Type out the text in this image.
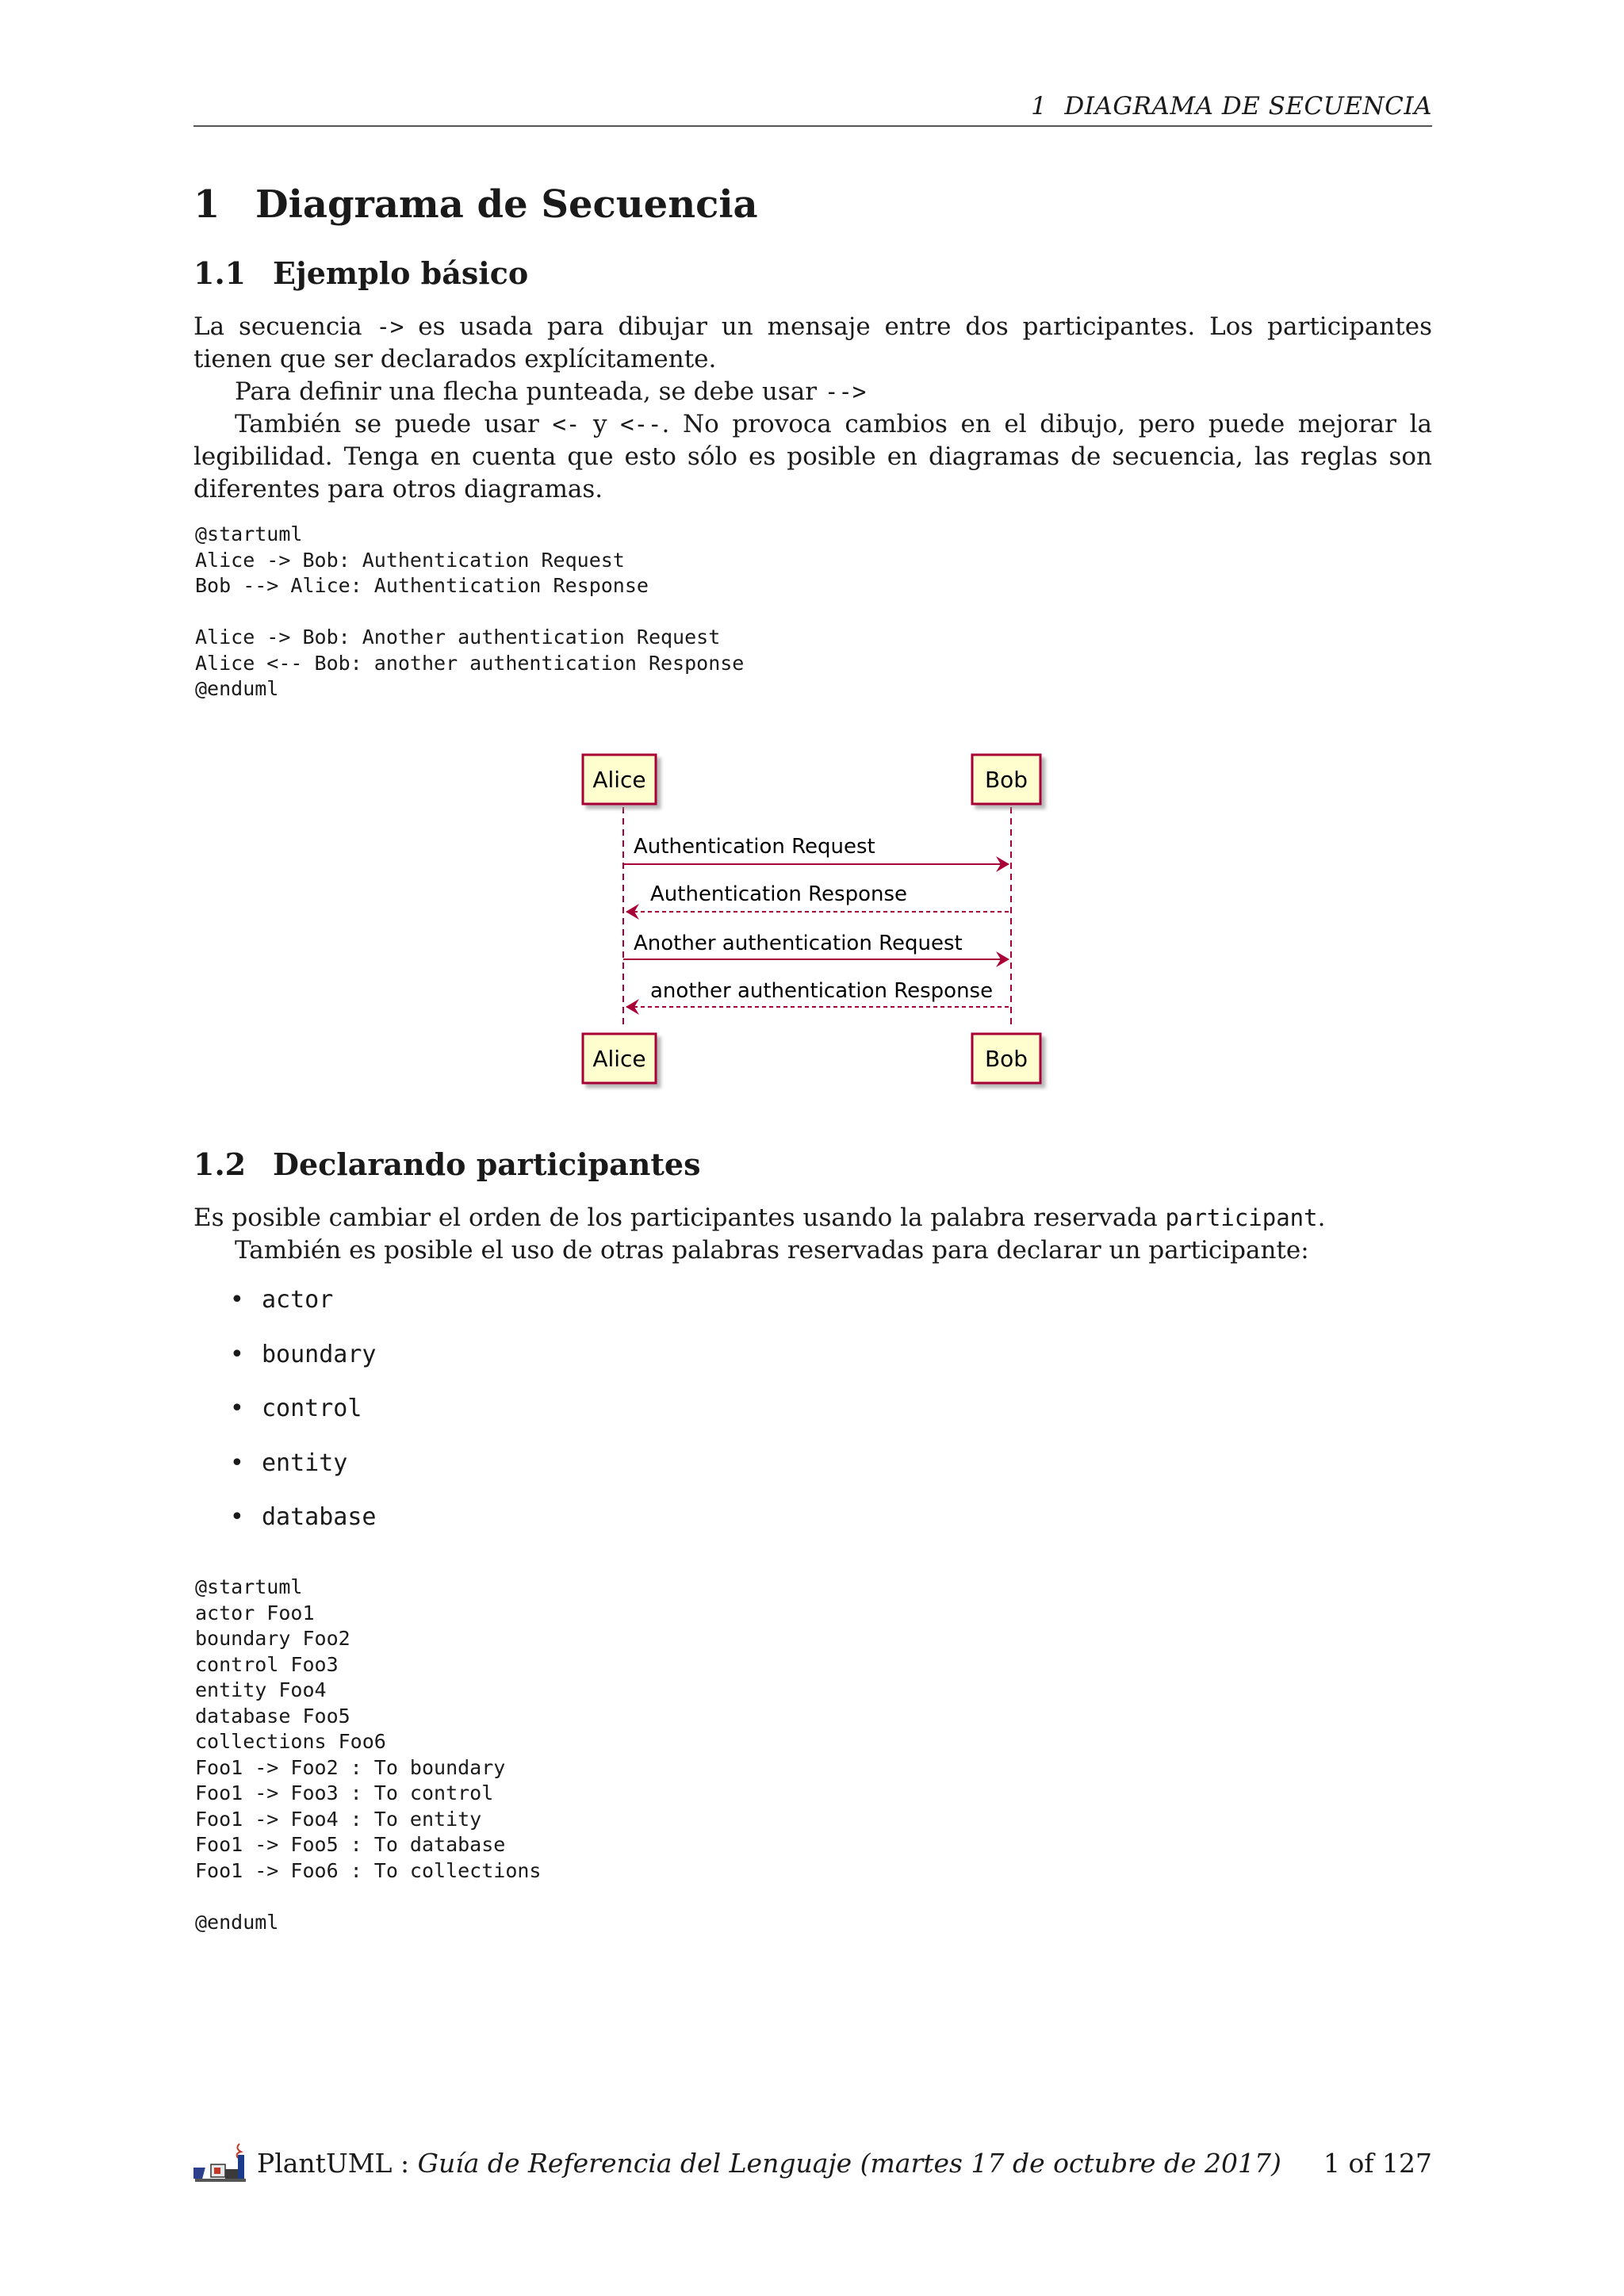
1 DIAGRAMA DE SECUENCIA
1 Diagrama de Secuencia
1.1 Ejemplo básico

La secuencia -> es usada para dibujar un mensaje entre dos participantes. Los participantes tienen que ser declarados explícitamente.

Para definir una flecha punteada, se debe usar -->

También se puede usar <- y <--. No provoca cambios en el dibujo, pero puede mejorar la legibilidad. Tenga en cuenta que esto sólo es posible en diagramas de secuencia, las reglas son diferentes para otros diagramas.

@startuml
Alice -> Bob: Authentication Request
Bob --> Alice: Authentication Response

Alice -> Bob: Another authentication Request
Alice <-- Bob: another authentication Response
@enduml
Alice	Bob
Authentication Request
Authentication Response
Another authentication Request
another authentication Response
Alice	Bob
1.2 Declarando participantes

Es posible cambiar el orden de los participantes usando la palabra reservada participant.

También es posible el uso de otras palabras reservadas para declarar un participante:

• actor
• boundary
• control
• entity
• database
@startuml
actor Foo1
boundary Foo2
control Foo3
entity Foo4
database Foo5
collections Foo6
Foo1 -> Foo2 : To boundary
Foo1 -> Foo3 : To control
Foo1 -> Foo4 : To entity
Foo1 -> Foo5 : To database
Foo1 -> Foo6 : To collections

@enduml
PlantUML : Guía de Referencia del Lenguaje (martes 17 de octubre de 2017) 1 of 127
